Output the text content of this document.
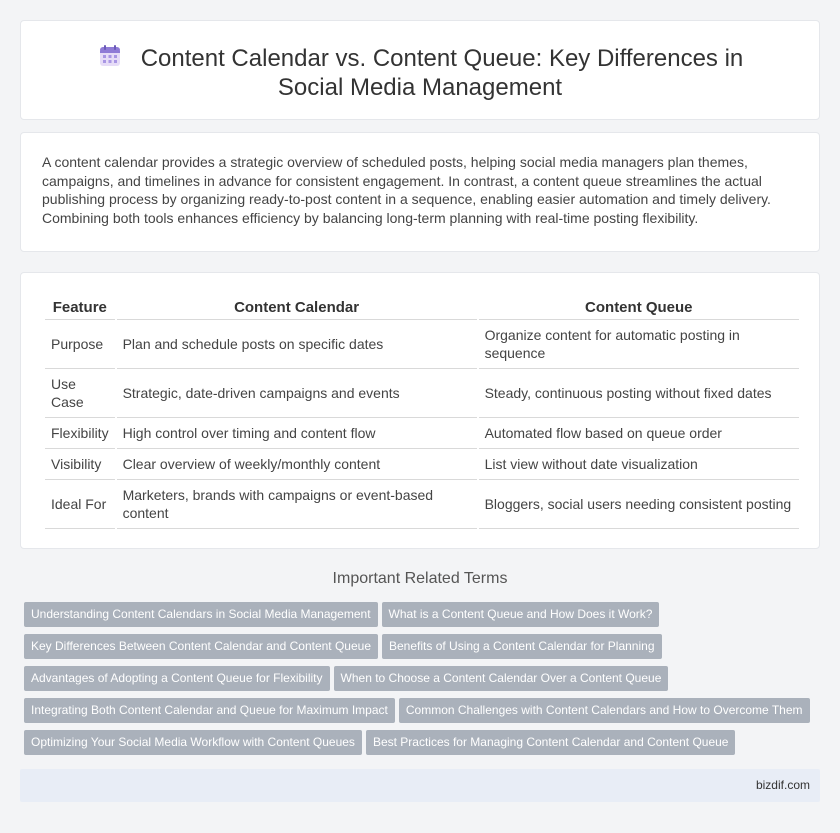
Content Calendar vs. Content Queue: Key Differences in Social Media Management

A content calendar provides a strategic overview of scheduled posts, helping social media managers plan themes, campaigns, and timelines in advance for consistent engagement. In contrast, a content queue streamlines the actual publishing process by organizing ready-to-post content in a sequence, enabling easier automation and timely delivery. Combining both tools enhances efficiency by balancing long-term planning with real-time posting flexibility.

Feature	Content Calendar	Content Queue
Purpose	Plan and schedule posts on specific dates	Organize content for automatic posting in sequence
Use Case	Strategic, date-driven campaigns and events	Steady, continuous posting without fixed dates
Flexibility	High control over timing and content flow	Automated flow based on queue order
Visibility	Clear overview of weekly/monthly content	List view without date visualization
Ideal For	Marketers, brands with campaigns or event-based content	Bloggers, social users needing consistent posting
Important Related Terms
Understanding Content Calendars in Social Media Management What is a Content Queue and How Does it Work?
Key Differences Between Content Calendar and Content Queue Benefits of Using a Content Calendar for Planning
Advantages of Adopting a Content Queue for Flexibility When to Choose a Content Calendar Over a Content Queue
Integrating Both Content Calendar and Queue for Maximum Impact Common Challenges with Content Calendars and How to Overcome Them
Optimizing Your Social Media Workflow with Content Queues Best Practices for Managing Content Calendar and Content Queue
bizdif.com
